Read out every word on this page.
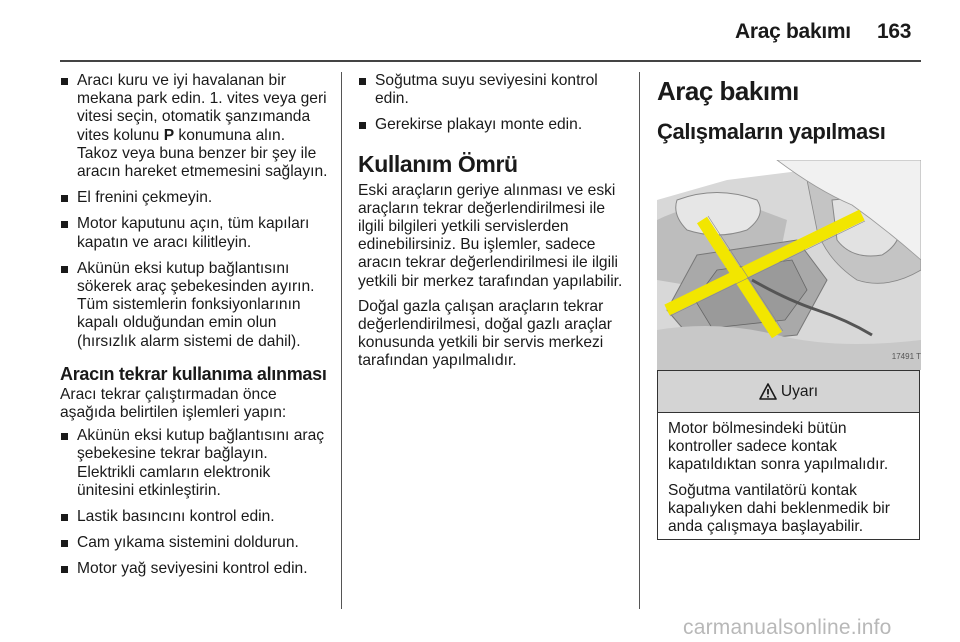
Araç bakımı 163
Aracı kuru ve iyi havalanan bir mekana park edin. 1. vites veya geri vitesi seçin, otomatik şanzımanda vites kolunu P konumuna alın. Takoz veya buna benzer bir şey ile aracın hareket etmemesini sağlayın.
El frenini çekmeyin.
Motor kaputunu açın, tüm kapıları kapatın ve aracı kilitleyin.
Akünün eksi kutup bağlantısını sökerek araç şebekesinden ayırın. Tüm sistemlerin fonksiyonlarının kapalı olduğundan emin olun (hırsızlık alarm sistemi de dahil).
Aracın tekrar kullanıma alınması
Aracı tekrar çalıştırmadan önce aşağıda belirtilen işlemleri yapın:
Akünün eksi kutup bağlantısını araç şebekesine tekrar bağlayın. Elektrikli camların elektronik ünitesini etkinleştirin.
Lastik basıncını kontrol edin.
Cam yıkama sistemini doldurun.
Motor yağ seviyesini kontrol edin.
Soğutma suyu seviyesini kontrol edin.
Gerekirse plakayı monte edin.
Kullanım Ömrü

Eski araçların geriye alınması ve eski araçların tekrar değerlendirilmesi ile ilgili bilgileri yetkili servislerden edinebilirsiniz. Bu işlemler, sadece aracın tekrar değerlendirilmesi ile ilgili yetkili bir merkez tarafından yapılabilir.

Doğal gazla çalışan araçların tekrar değerlendirilmesi, doğal gazlı araçlar konusunda yetkili bir servis merkezi tarafından yapılmalıdır.

Araç bakımı
Çalışmaların yapılması
17491 T
Uyarı

Motor bölmesindeki bütün kontroller sadece kontak kapatıldıktan sonra yapılmalıdır.

Soğutma vantilatörü kontak kapalıyken dahi beklenmedik bir anda çalışmaya başlayabilir.

carmanualsonline.info
